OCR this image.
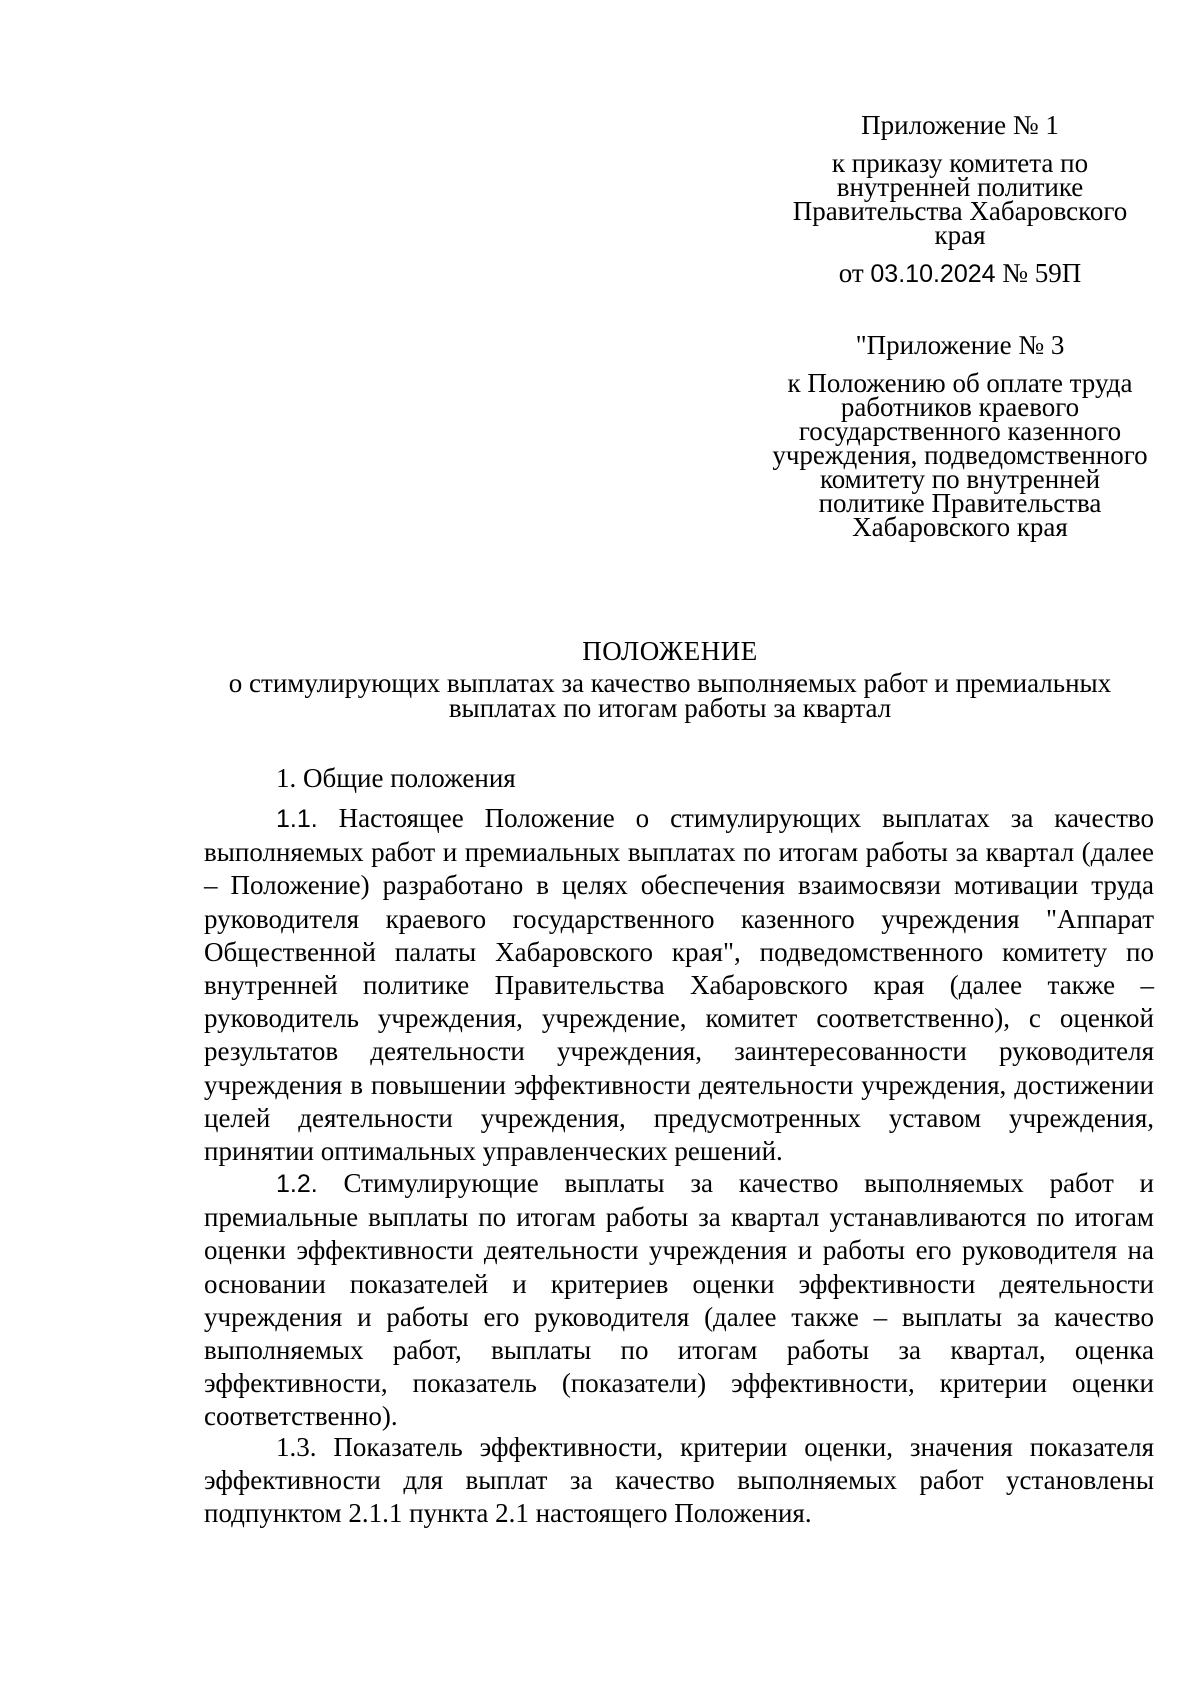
Приложение № 1

к приказу комитета по внутренней политике Правительства Хабаровского края

от 03.10.2024 № 59П

"Приложение № 3

к Положению об оплате труда работников краевого государственного казенного учреждения, подведомственного комитету по внутренней политике Правительства Хабаровского края

ПОЛОЖЕНИЕ
о стимулирующих выплатах за качество выполняемых работ и премиальных выплатах по итогам работы за квартал
1. Общие положения

1.1. Настоящее Положение о стимулирующих выплатах за качество выполняемых работ и премиальных выплатах по итогам работы за квартал (далее – Положение) разработано в целях обеспечения взаимосвязи мотивации труда руководителя краевого государственного казенного учреждения "Аппарат Общественной палаты Хабаровского края", подведомственного комитету по внутренней политике Правительства Хабаровского края (далее также – руководитель учреждения, учреждение, комитет соответственно), с оценкой результатов деятельности учреждения, заинтересованности руководителя учреждения в повышении эффективности деятельности учреждения, достижении целей деятельности учреждения, предусмотренных уставом учреждения, принятии оптимальных управленческих решений.

1.2. Стимулирующие выплаты за качество выполняемых работ и премиальные выплаты по итогам работы за квартал устанавливаются по итогам оценки эффективности деятельности учреждения и работы его руководителя на основании показателей и критериев оценки эффективности деятельности учреждения и работы его руководителя (далее также – выплаты за качество выполняемых работ, выплаты по итогам работы за квартал, оценка эффективности, показатель (показатели) эффективности, критерии оценки соответственно).

1.3. Показатель эффективности, критерии оценки, значения показателя эффективности для выплат за качество выполняемых работ установлены подпунктом 2.1.1 пункта 2.1 настоящего Положения.
